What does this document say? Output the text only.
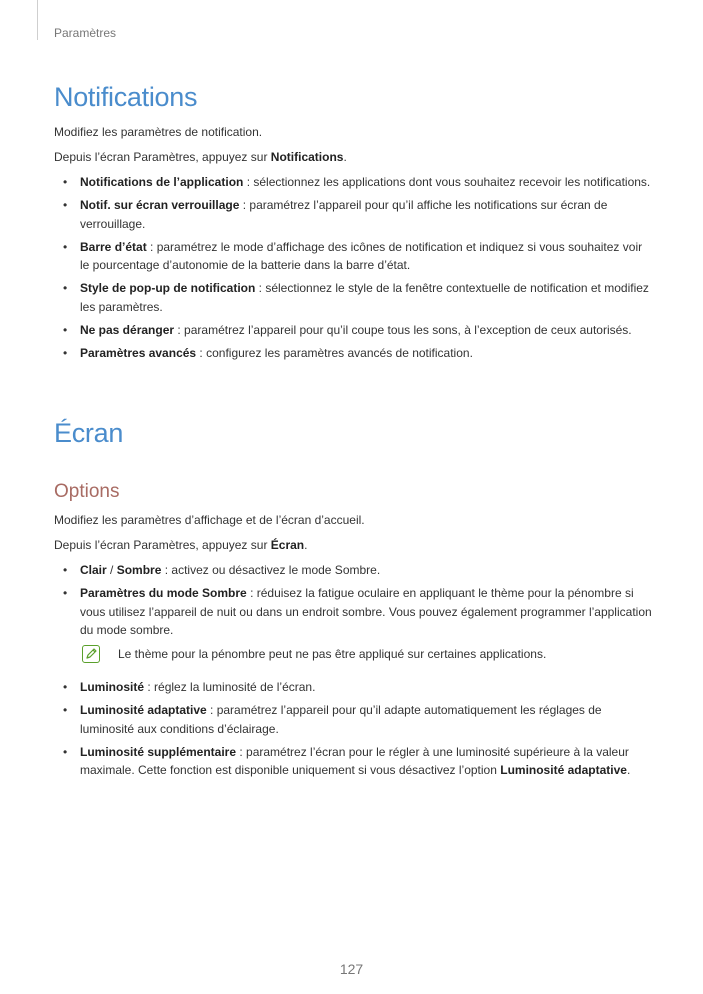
Paramètres
Notifications

Modifiez les paramètres de notification.

Depuis l’écran Paramètres, appuyez sur Notifications.

• Notifications de l’application : sélectionnez les applications dont vous souhaitez recevoir les notifications.
• Notif. sur écran verrouillage : paramétrez l’appareil pour qu’il affiche les notifications sur écran de verrouillage.
• Barre d’état : paramétrez le mode d’affichage des icônes de notification et indiquez si vous souhaitez voir le pourcentage d’autonomie de la batterie dans la barre d’état.
• Style de pop-up de notification : sélectionnez le style de la fenêtre contextuelle de notification et modifiez les paramètres.
• Ne pas déranger : paramétrez l’appareil pour qu’il coupe tous les sons, à l’exception de ceux autorisés.
• Paramètres avancés : configurez les paramètres avancés de notification.
Écran
Options

Modifiez les paramètres d’affichage et de l’écran d’accueil.

Depuis l’écran Paramètres, appuyez sur Écran.

• Clair / Sombre : activez ou désactivez le mode Sombre.
• Paramètres du mode Sombre : réduisez la fatigue oculaire en appliquant le thème pour la pénombre si vous utilisez l’appareil de nuit ou dans un endroit sombre. Vous pouvez également programmer l’application du mode sombre.
Le thème pour la pénombre peut ne pas être appliqué sur certaines applications.
• Luminosité : réglez la luminosité de l’écran.
• Luminosité adaptative : paramétrez l’appareil pour qu’il adapte automatiquement les réglages de luminosité aux conditions d’éclairage.
• Luminosité supplémentaire : paramétrez l’écran pour le régler à une luminosité supérieure à la valeur maximale. Cette fonction est disponible uniquement si vous désactivez l’option Luminosité adaptative.
127
